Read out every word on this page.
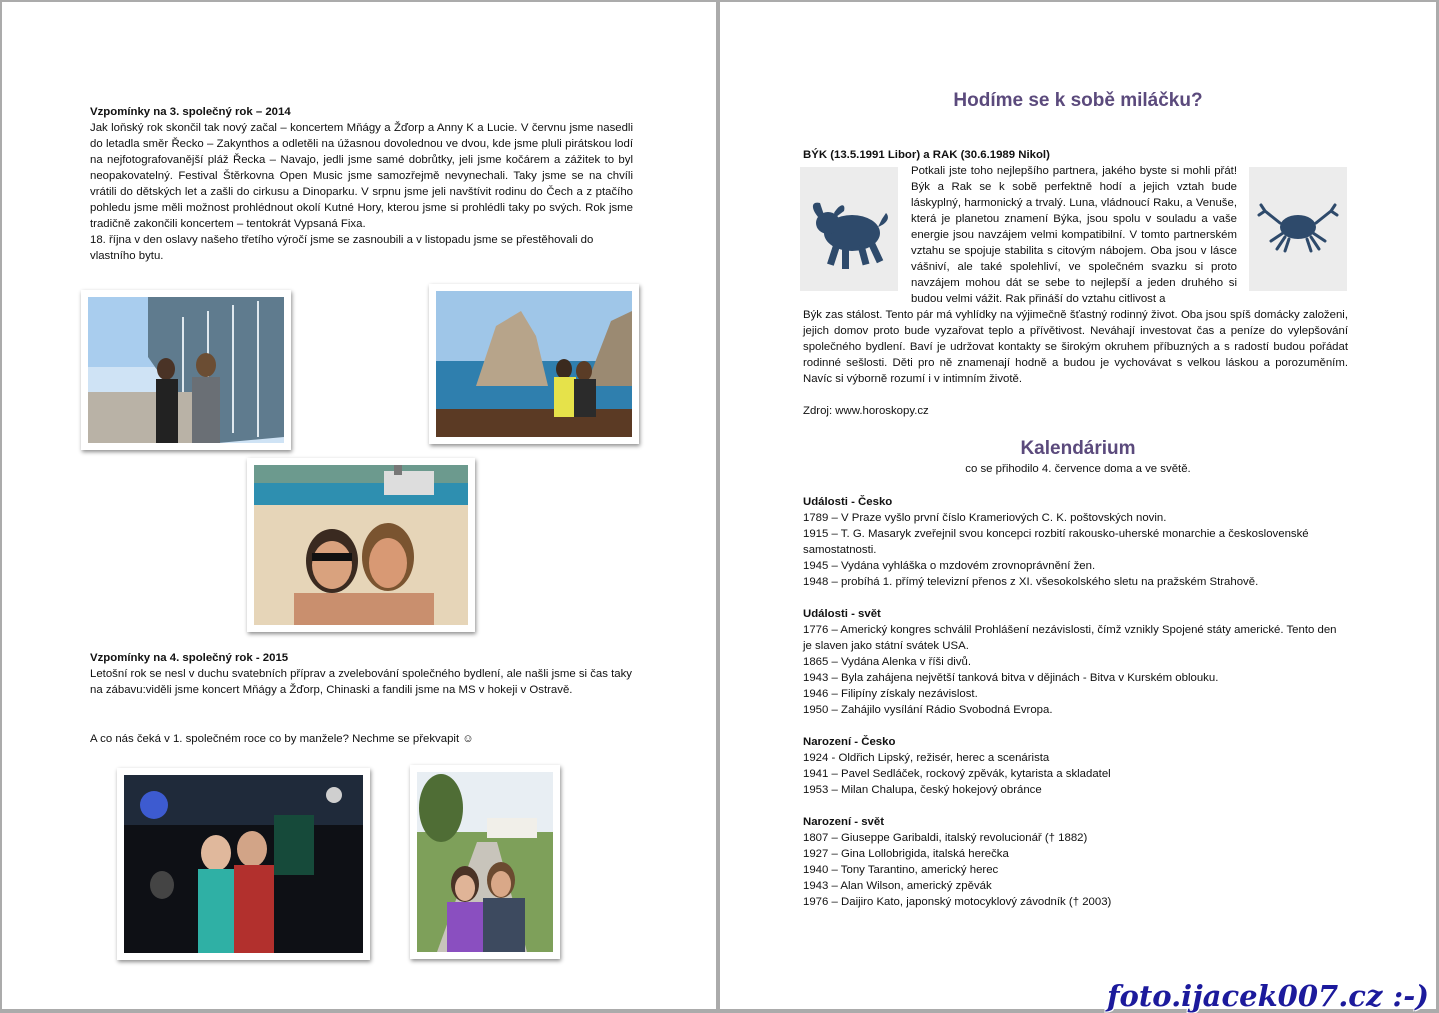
Vzpomínky na 3. společný rok – 2014
Jak loňský rok skončil tak nový začal – koncertem Mňágy a Žďorp a Anny K a Lucie. V červnu jsme nasedli do letadla směr Řecko – Zakynthos a odletěli na úžasnou dovolednou ve dvou, kde jsme pluli pirátskou lodí na nejfotografovanější pláž Řecka – Navajo, jedli jsme samé dobrůtky, jeli jsme kočárem a zážitek to byl neopakovatelný. Festival Štěrkovna Open Music jsme samozřejmě nevynechali. Taky jsme se na chvíli vrátili do dětských let a zašli do cirkusu a Dinoparku. V srpnu jsme jeli navštívit rodinu do Čech a z ptačího pohledu jsme měli možnost prohlédnout okolí Kutné Hory, kterou jsme si prohlédli taky po svých. Rok jsme tradičně zakončili koncertem – tentokrát Vypsaná Fixa.
18. října v den oslavy našeho třetího výročí jsme se zasnoubili a v listopadu jsme se přestěhovali do vlastního bytu.
Vzpomínky na 4. společný rok - 2015
Letošní rok se nesl v duchu svatebních příprav a zvelebování společného bydlení, ale našli jsme si čas taky na zábavu:viděli jsme koncert Mňágy a Žďorp, Chinaski a fandili jsme na MS v hokeji v Ostravě.
A co nás čeká v 1. společném roce co by manžele? Nechme se překvapit ☺
Hodíme se k sobě miláčku?
BÝK (13.5.1991 Libor) a RAK (30.6.1989 Nikol)
Potkali jste toho nejlepšího partnera, jakého byste si mohli přát! Býk a Rak se k sobě perfektně hodí a jejich vztah bude láskyplný, harmonický a trvalý. Luna, vládnoucí Raku, a Venuše, která je planetou znamení Býka, jsou spolu v souladu a vaše energie jsou navzájem velmi kompatibilní. V tomto partnerském vztahu se spojuje stabilita s citovým nábojem. Oba jsou v lásce vášniví, ale také spolehliví, ve společném svazku si proto navzájem mohou dát se sebe to nejlepší a jeden druhého si budou velmi vážit. Rak přináší do vztahu citlivost a
Býk zas stálost. Tento pár má vyhlídky na výjimečně šťastný rodinný život. Oba jsou spíš domácky založeni, jejich domov proto bude vyzařovat teplo a přívětivost. Neváhají investovat čas a peníze do vylepšování společného bydlení. Baví je udržovat kontakty se širokým okruhem příbuzných a s radostí budou pořádat rodinné sešlosti. Děti pro ně znamenají hodně a budou je vychovávat s velkou láskou a porozuměním. Navíc si výborně rozumí i v intimním životě.
Zdroj: www.horoskopy.cz
Kalendárium
co se přihodilo 4. července doma a ve světě.
Události - Česko
1789 – V Praze vyšlo první číslo Krameriových C. K. poštovských novin.
1915 – T. G. Masaryk zveřejnil svou koncepci rozbití rakousko-uherské monarchie a československé samostatnosti.
1945 – Vydána vyhláška o mzdovém zrovnoprávnění žen.
1948 – probíhá 1. přímý televizní přenos z XI. všesokolského sletu na pražském Strahově.
Události - svět
1776 – Americký kongres schválil Prohlášení nezávislosti, čímž vznikly Spojené státy americké. Tento den je slaven jako státní svátek USA.
1865 – Vydána Alenka v říši divů.
1943 – Byla zahájena největší tanková bitva v dějinách - Bitva v Kurském oblouku.
1946 – Filipíny získaly nezávislost.
1950 – Zahájilo vysílání Rádio Svobodná Evropa.
Narození - Česko
1924 - Oldřich Lipský, režisér, herec a scenárista
1941 – Pavel Sedláček, rockový zpěvák, kytarista a skladatel
1953 – Milan Chalupa, český hokejový obránce
Narození - svět
1807 – Giuseppe Garibaldi, italský revolucionář († 1882)
1927 – Gina Lollobrigida, italská herečka
1940 – Tony Tarantino, americký herec
1943 – Alan Wilson, americký zpěvák
1976 – Daijiro Kato, japonský motocyklový závodník († 2003)
foto.ijacek007.cz :-)
